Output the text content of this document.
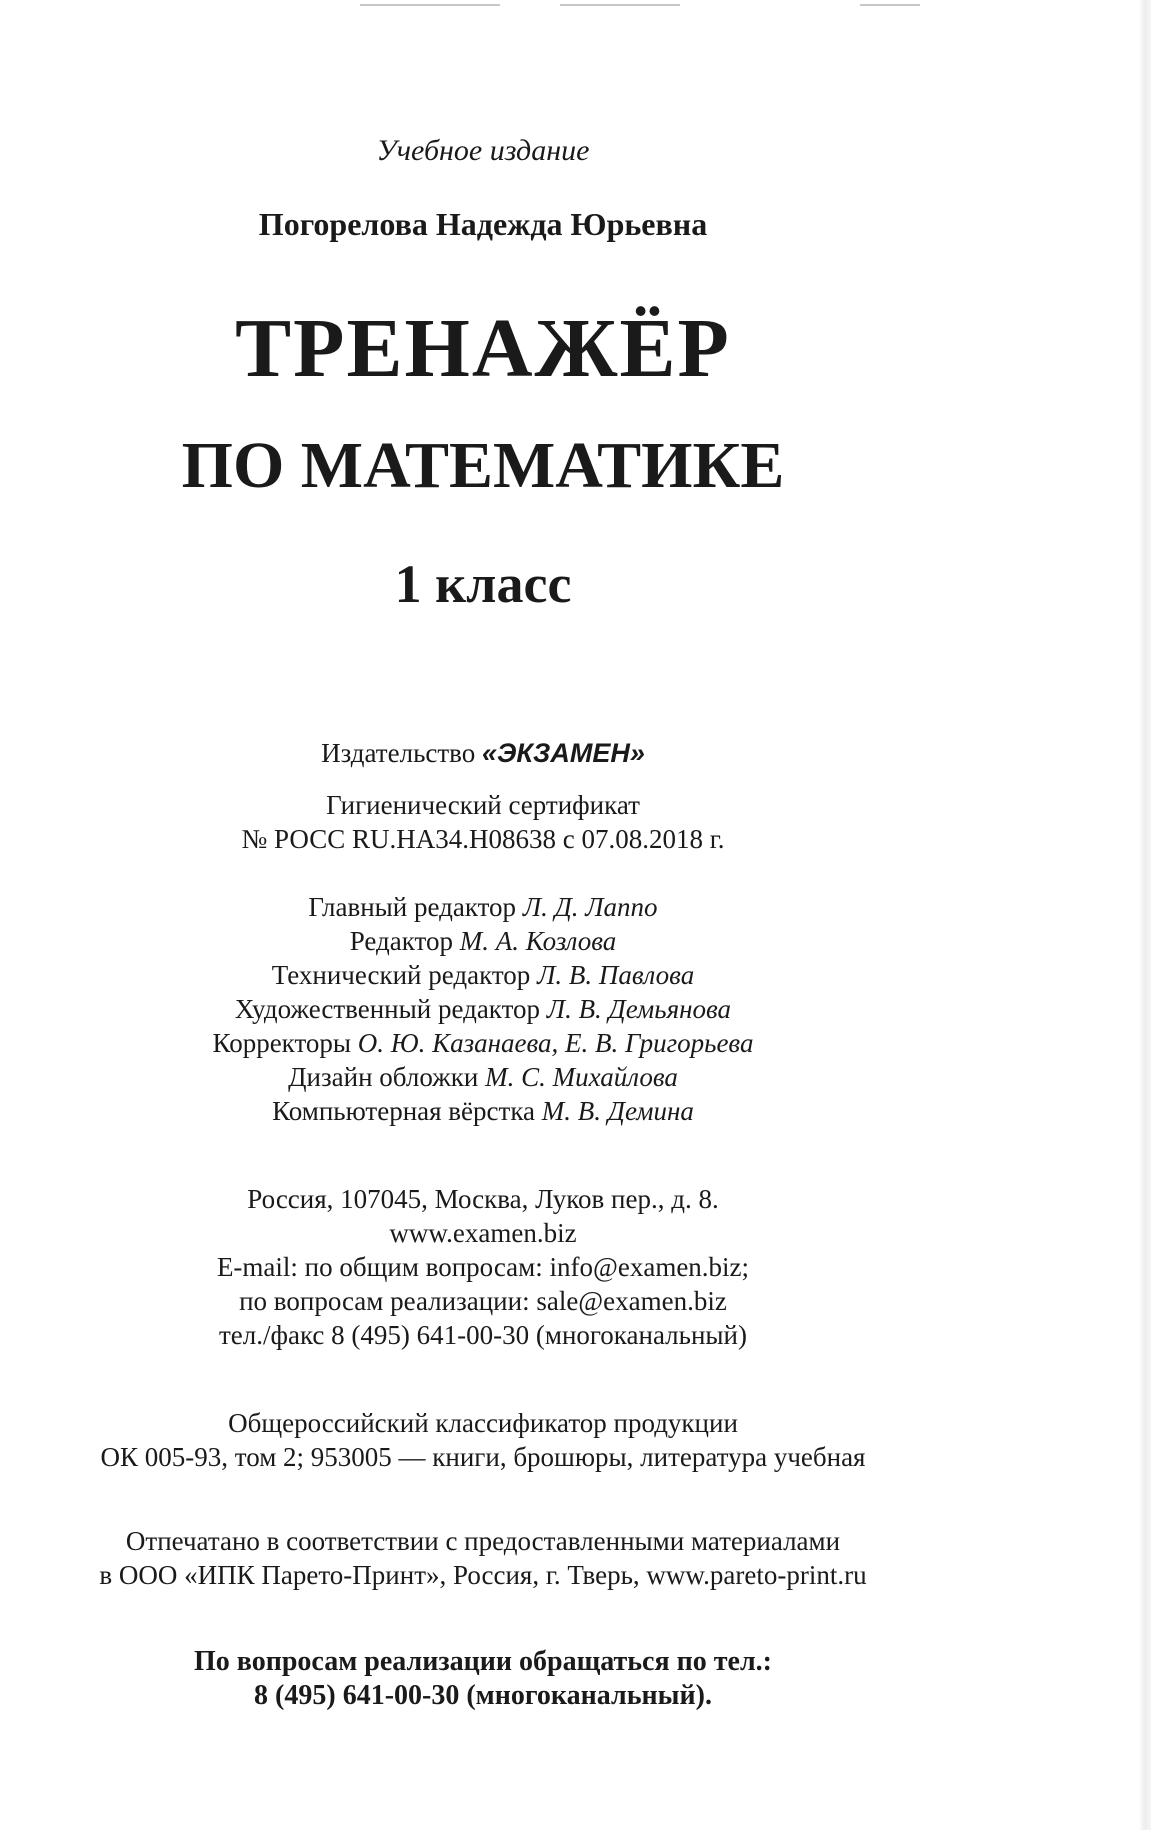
Учебное издание
Погорелова Надежда Юрьевна
ТРЕНАЖЁР
ПО МАТЕМАТИКЕ
1 класс
Издательство «ЭКЗАМЕН»
Гигиенический сертификат
№ РОСС RU.HA34.H08638 с 07.08.2018 г.
Главный редактор Л. Д. Лаппо
Редактор М. А. Козлова
Технический редактор Л. В. Павлова
Художественный редактор Л. В. Демьянова
Корректоры О. Ю. Казанаева, Е. В. Григорьева
Дизайн обложки М. С. Михайлова
Компьютерная вёрстка М. В. Демина
Россия, 107045, Москва, Луков пер., д. 8.
www.examen.biz
E-mail: по общим вопросам: info@examen.biz;
по вопросам реализации: sale@examen.biz
тел./факс 8 (495) 641-00-30 (многоканальный)
Общероссийский классификатор продукции
ОК 005-93, том 2; 953005 — книги, брошюры, литература учебная
Отпечатано в соответствии с предоставленными материалами
в ООО «ИПК Парето-Принт», Россия, г. Тверь, www.pareto-print.ru
По вопросам реализации обращаться по тел.:
8 (495) 641-00-30 (многоканальный).
